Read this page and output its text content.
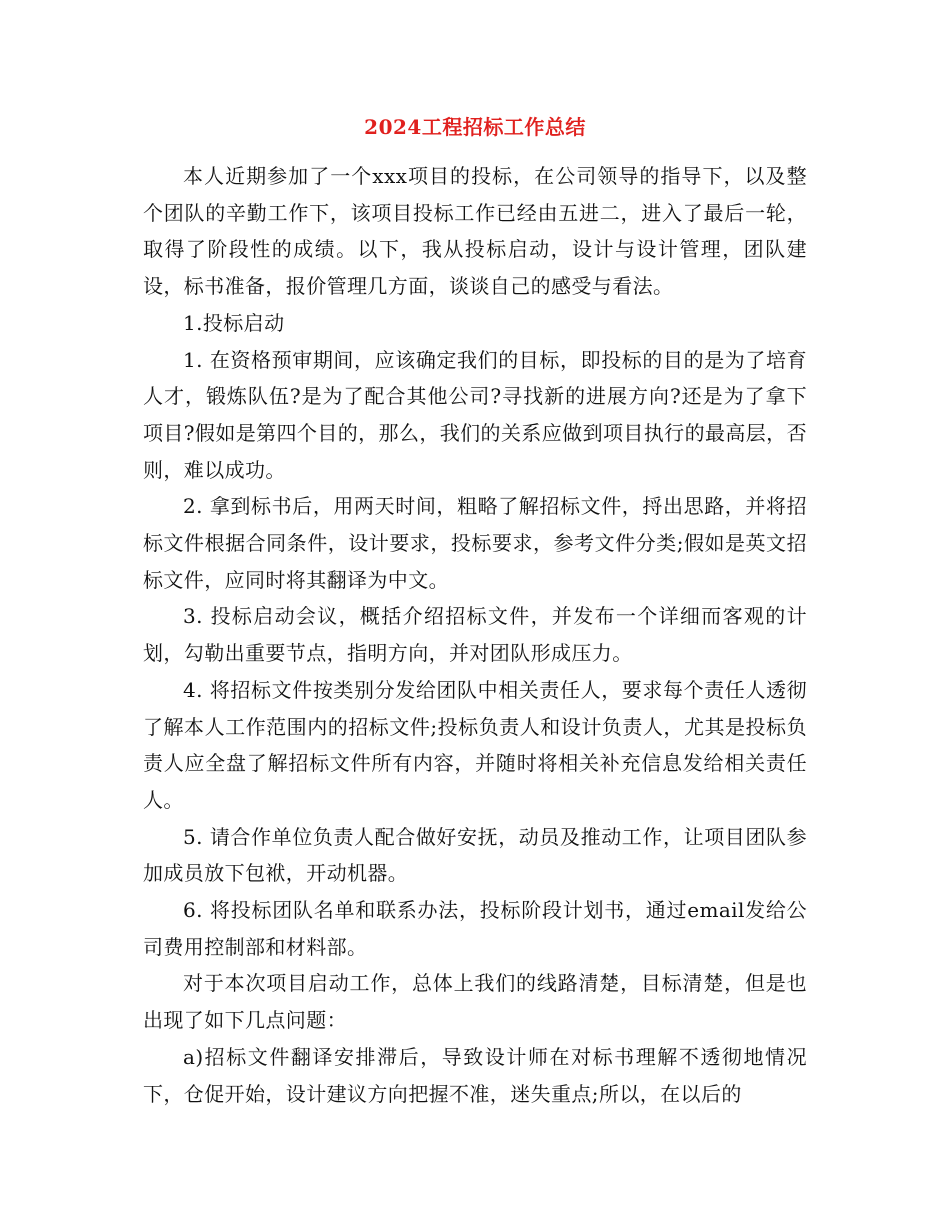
2024工程招标工作总结

本人近期参加了一个xxx项目的投标，在公司领导的指导下，以及整个团队的辛勤工作下，该项目投标工作已经由五进二，进入了最后一轮，取得了阶段性的成绩。以下，我从投标启动，设计与设计管理，团队建设，标书准备，报价管理几方面，谈谈自己的感受与看法。

1.投标启动

1. 在资格预审期间，应该确定我们的目标，即投标的目的是为了培育人才，锻炼队伍?是为了配合其他公司?寻找新的进展方向?还是为了拿下项目?假如是第四个目的，那么，我们的关系应做到项目执行的最高层，否则，难以成功。

2. 拿到标书后，用两天时间，粗略了解招标文件，捋出思路，并将招标文件根据合同条件，设计要求，投标要求，参考文件分类;假如是英文招标文件，应同时将其翻译为中文。

3. 投标启动会议，概括介绍招标文件，并发布一个详细而客观的计划，勾勒出重要节点，指明方向，并对团队形成压力。

4. 将招标文件按类别分发给团队中相关责任人，要求每个责任人透彻了解本人工作范围内的招标文件;投标负责人和设计负责人，尤其是投标负责人应全盘了解招标文件所有内容，并随时将相关补充信息发给相关责任人。

5. 请合作单位负责人配合做好安抚，动员及推动工作，让项目团队参加成员放下包袱，开动机器。

6. 将投标团队名单和联系办法，投标阶段计划书，通过email发给公司费用控制部和材料部。

对于本次项目启动工作，总体上我们的线路清楚，目标清楚，但是也出现了如下几点问题：

a)招标文件翻译安排滞后，导致设计师在对标书理解不透彻地情况下，仓促开始，设计建议方向把握不准，迷失重点;所以，在以后的
